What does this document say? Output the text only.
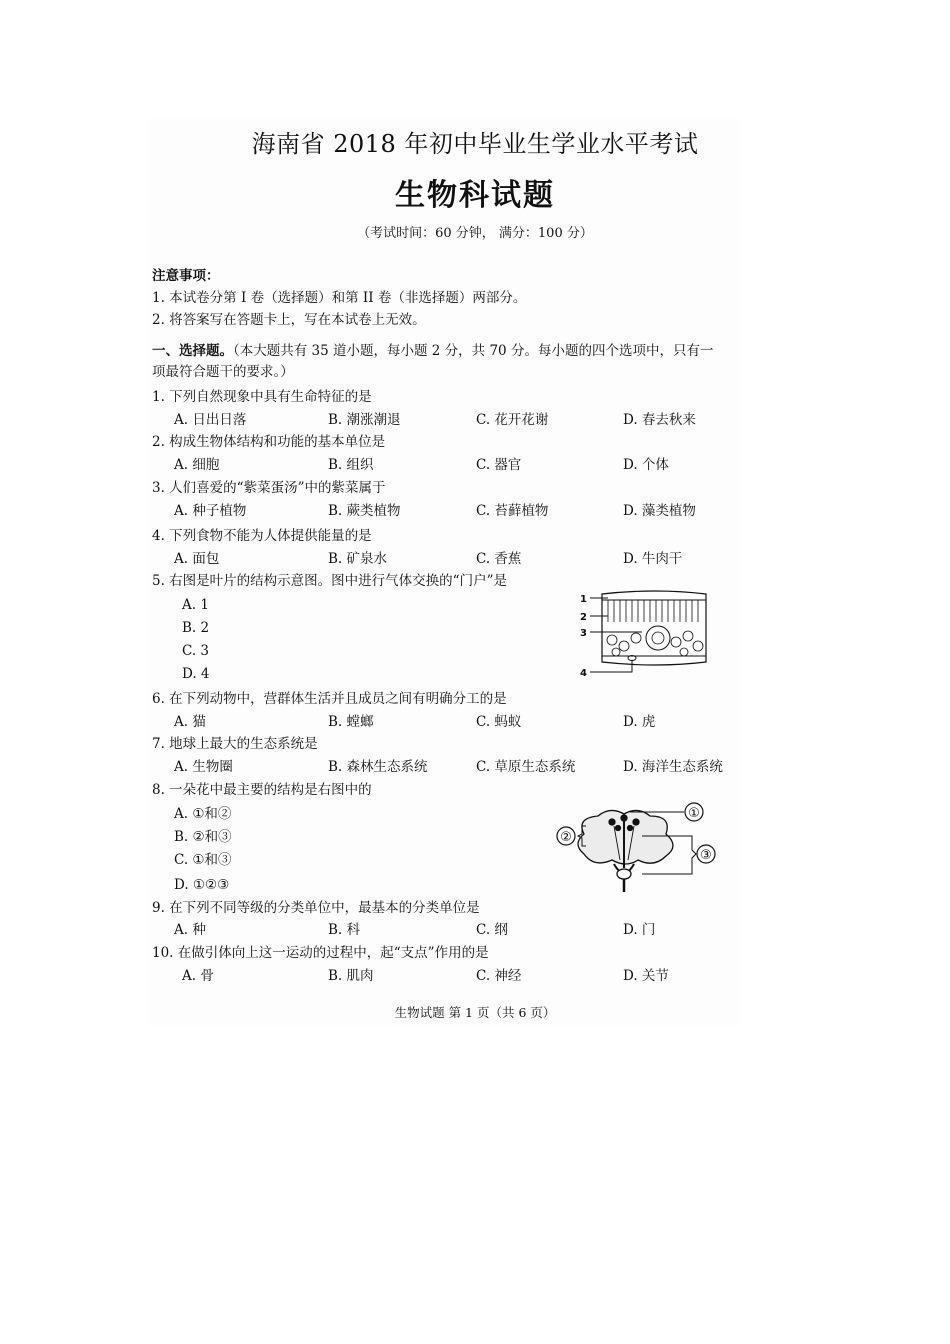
海南省 2018 年初中毕业生学业水平考试
生物科试题
（考试时间：60 分钟， 满分：100 分）
注意事项：
1. 本试卷分第 I 卷（选择题）和第 II 卷（非选择题）两部分。
2. 将答案写在答题卡上，写在本试卷上无效。
一、选择题。（本大题共有 35 道小题，每小题 2 分，共 70 分。每小题的四个选项中，只有一
项最符合题干的要求。）
1. 下列自然现象中具有生命特征的是
A. 日出日落	B. 潮涨潮退	C. 花开花谢	D. 春去秋来
2. 构成生物体结构和功能的基本单位是
A. 细胞	B. 组织	C. 器官	D. 个体
3. 人们喜爱的“紫菜蛋汤”中的紫菜属于
A. 种子植物	B. 蕨类植物	C. 苔藓植物	D. 藻类植物
4. 下列食物不能为人体提供能量的是
A. 面包	B. 矿泉水	C. 香蕉	D. 牛肉干
5. 右图是叶片的结构示意图。图中进行气体交换的“门户”是
A. 1
B. 2
C. 3
D. 4
1
2
3
4
6. 在下列动物中，营群体生活并且成员之间有明确分工的是
A. 猫	B. 螳螂	C. 蚂蚁	D. 虎
7. 地球上最大的生态系统是
A. 生物圈	B. 森林生态系统	C. 草原生态系统	D. 海洋生态系统
8. 一朵花中最主要的结构是右图中的
A. ①和②
B. ②和③
C. ①和③
D. ①②③
①
②
③
9. 在下列不同等级的分类单位中，最基本的分类单位是
A. 种	B. 科	C. 纲	D. 门
10. 在做引体向上这一运动的过程中，起“支点”作用的是
A. 骨	B. 肌肉	C. 神经	D. 关节
生物试题 第 1 页（共 6 页）
